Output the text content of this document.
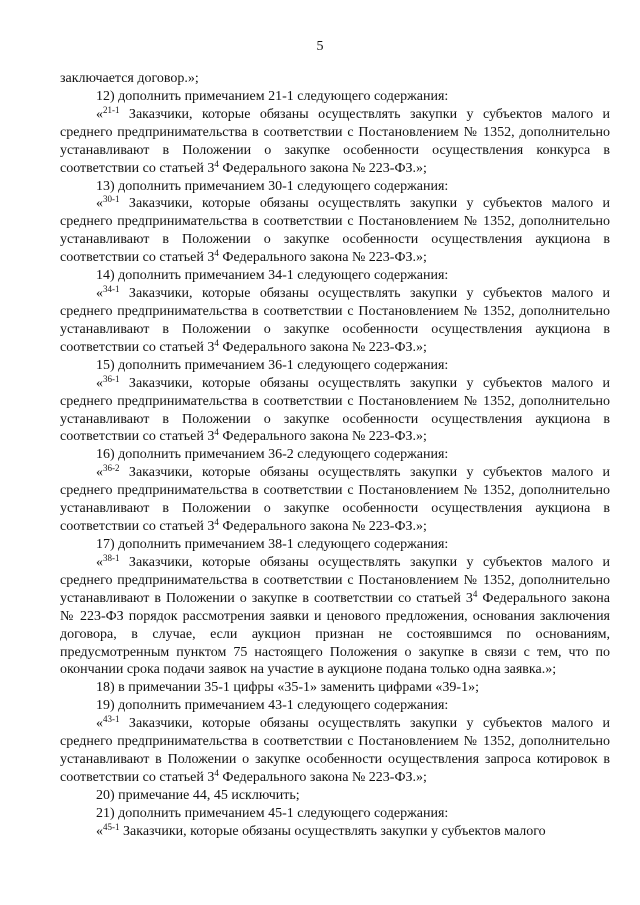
5

заключается договор.»;

12) дополнить примечанием 21-1 следующего содержания:

«$^{21-1}$ Заказчики, которые обязаны осуществлять закупки у субъектов малого и среднего предпринимательства в соответствии с Постановлением № 1352, дополнительно устанавливают в Положении о закупке особенности осуществления конкурса в соответствии со статьей $3^4$ Федерального закона № 223-ФЗ.»;

13) дополнить примечанием 30-1 следующего содержания:

«$^{30-1}$ Заказчики, которые обязаны осуществлять закупки у субъектов малого и среднего предпринимательства в соответствии с Постановлением № 1352, дополнительно устанавливают в Положении о закупке особенности осуществления аукциона в соответствии со статьей $3^4$ Федерального закона № 223-ФЗ.»;

14) дополнить примечанием 34-1 следующего содержания:

«$^{34-1}$ Заказчики, которые обязаны осуществлять закупки у субъектов малого и среднего предпринимательства в соответствии с Постановлением № 1352, дополнительно устанавливают в Положении о закупке особенности осуществления аукциона в соответствии со статьей $3^4$ Федерального закона № 223-ФЗ.»;

15) дополнить примечанием 36-1 следующего содержания:

«$^{36-1}$ Заказчики, которые обязаны осуществлять закупки у субъектов малого и среднего предпринимательства в соответствии с Постановлением № 1352, дополнительно устанавливают в Положении о закупке особенности осуществления аукциона в соответствии со статьей $3^4$ Федерального закона № 223-ФЗ.»;

16) дополнить примечанием 36-2 следующего содержания:

«$^{36-2}$ Заказчики, которые обязаны осуществлять закупки у субъектов малого и среднего предпринимательства в соответствии с Постановлением № 1352, дополнительно устанавливают в Положении о закупке особенности осуществления аукциона в соответствии со статьей $3^4$ Федерального закона № 223-ФЗ.»;

17) дополнить примечанием 38-1 следующего содержания:

«$^{38-1}$ Заказчики, которые обязаны осуществлять закупки у субъектов малого и среднего предпринимательства в соответствии с Постановлением № 1352, дополнительно устанавливают в Положении о закупке в соответствии со статьей $3^4$ Федерального закона № 223-ФЗ порядок рассмотрения заявки и ценового предложения, основания заключения договора, в случае, если аукцион признан не состоявшимся по основаниям, предусмотренным пунктом 75 настоящего Положения о закупке в связи с тем, что по окончании срока подачи заявок на участие в аукционе подана только одна заявка.»;

18) в примечании 35-1 цифры «35-1» заменить цифрами «39-1»;

19) дополнить примечанием 43-1 следующего содержания:

«$^{43-1}$ Заказчики, которые обязаны осуществлять закупки у субъектов малого и среднего предпринимательства в соответствии с Постановлением № 1352, дополнительно устанавливают в Положении о закупке особенности осуществления запроса котировок в соответствии со статьей $3^4$ Федерального закона № 223-ФЗ.»;

20) примечание 44, 45 исключить;

21) дополнить примечанием 45-1 следующего содержания:

«$^{45-1}$ Заказчики, которые обязаны осуществлять закупки у субъектов малого
